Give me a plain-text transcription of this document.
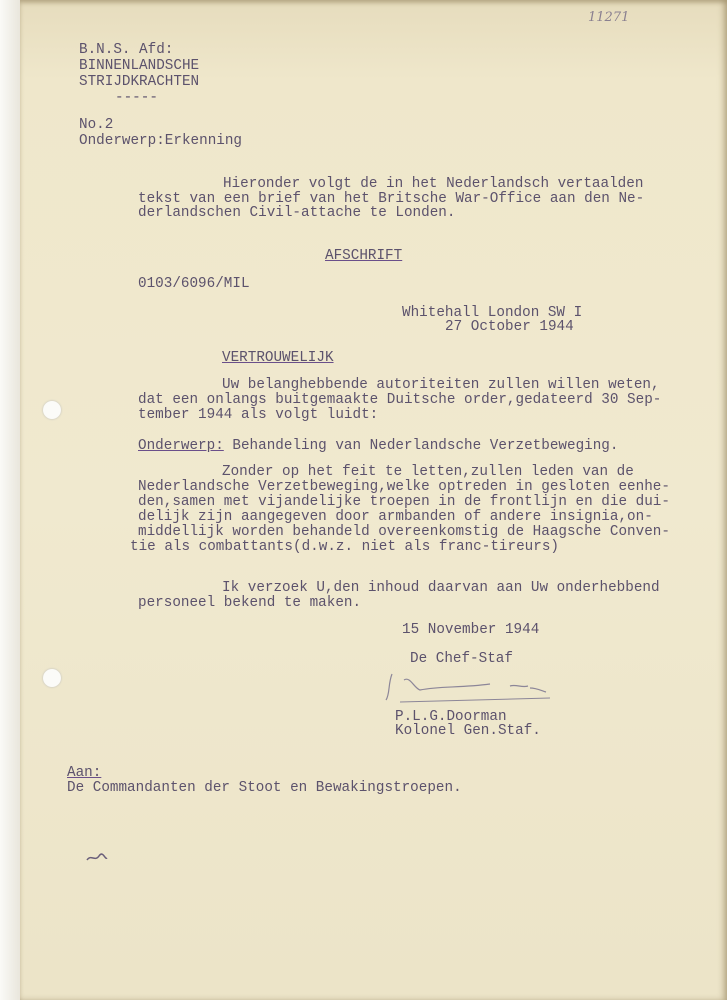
11271
B.N.S. Afd:
BINNENLANDSCHE
STRIJDKRACHTEN
-----
No.2
Onderwerp:Erkenning
Hieronder volgt de in het Nederlandsch vertaalden
tekst van een brief van het Britsche War-Office aan den Ne-
derlandschen Civil-attache te Londen.
AFSCHRIFT
0103/6096/MIL
Whitehall London SW I
27 October 1944
VERTROUWELIJK
Uw belanghebbende autoriteiten zullen willen weten,
dat een onlangs buitgemaakte Duitsche order,gedateerd 30 Sep-
tember 1944 als volgt luidt:
Onderwerp: Behandeling van Nederlandsche Verzetbeweging.
Zonder op het feit te letten,zullen leden van de
Nederlandsche Verzetbeweging,welke optreden in gesloten eenhe-
den,samen met vijandelijke troepen in de frontlijn en die dui-
delijk zijn aangegeven door armbanden of andere insignia,on-
middellijk worden behandeld overeenkomstig de Haagsche Conven-
tie als combattants(d.w.z. niet als franc-tireurs)
Ik verzoek U,den inhoud daarvan aan Uw onderhebbend
personeel bekend te maken.
15 November 1944
De Chef-Staf
P.L.G.Doorman
Kolonel Gen.Staf.
Aan:
De Commandanten der Stoot en Bewakingstroepen.
